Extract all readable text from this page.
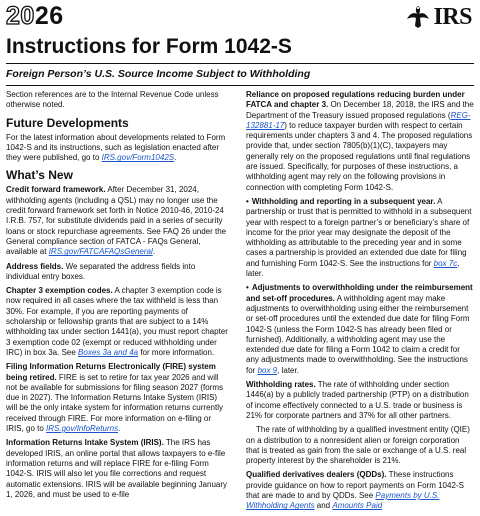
2026	IRS
Instructions for Form 1042-S
Foreign Person’s U.S. Source Income Subject to Withholding

Section references are to the Internal Revenue Code unless otherwise noted.

Future Developments

For the latest information about developments related to Form 1042-S and its instructions, such as legislation enacted after they were published, go to IRS.gov/Form1042S.

What’s New

Credit forward framework. After December 31, 2024, withholding agents (including a QSL) may no longer use the credit forward framework set forth in Notice 2010-46, 2010-24 I.R.B. 757, for substitute dividends paid in a series of security loans or stock repurchase agreements. See FAQ 26 under the General compliance section of FATCA - FAQs General, available at IRS.gov/FATCAFAQsGeneral.

Address fields. We separated the address fields into individual entry boxes.

Chapter 3 exemption codes. A chapter 3 exemption code is now required in all cases where the tax withheld is less than 30%. For example, if you are reporting payments of scholarship or fellowship grants that are subject to a 14% withholding tax under section 1441(a), you must report chapter 3 exemption code 02 (exempt or reduced withholding under IRC) in box 3a. See Boxes 3a and 4a for more information.

Filing Information Returns Electronically (FIRE) system being retired. FIRE is set to retire for tax year 2026 and will not be available for submissions for filing season 2027 (forms due in 2027). The Information Returns Intake System (IRIS) will be the only intake system for information returns currently received through FIRE. For more information on e-filing or IRIS, go to IRS.gov/InfoReturns.

Information Returns Intake System (IRIS). The IRS has developed IRIS, an online portal that allows taxpayers to e-file information returns and will replace FIRE for e-filing Form 1042-S. IRIS will also let you file corrections and request automatic extensions. IRIS will be available beginning January 1, 2026, and must be used to e-file

Reliance on proposed regulations reducing burden under FATCA and chapter 3. On December 18, 2018, the IRS and the Department of the Treasury issued proposed regulations (REG-132881-17) to reduce taxpayer burden with respect to certain requirements under chapters 3 and 4. The proposed regulations provide that, under section 7805(b)(1)(C), taxpayers may generally rely on the proposed regulations until final regulations are issued. Specifically, for purposes of these instructions, a withholding agent may rely on the following provisions in connection with completing Form 1042-S.

• Withholding and reporting in a subsequent year. A partnership or trust that is permitted to withhold in a subsequent year with respect to a foreign partner’s or beneficiary’s share of income for the prior year may designate the deposit of the withholding as attributable to the preceding year and in some cases a partnership is provided an extended due date for filing and furnishing Form 1042-S. See the instructions for box 7c, later.

• Adjustments to overwithholding under the reimbursement and set-off procedures. A withholding agent may make adjustments to overwithholding using either the reimbursement or set-off procedures until the extended due date for filing Form 1042-S (unless the Form 1042-S has already been filed or furnished). Additionally, a withholding agent may use the extended due date for filing a Form 1042 to claim a credit for any adjustments made to overwithholding. See the instructions for box 9, later.

Withholding rates. The rate of withholding under section 1446(a) by a publicly traded partnership (PTP) on a distribution of income effectively connected to a U.S. trade or business is 21% for corporate partners and 37% for all other partners.

The rate of withholding by a qualified investment entity (QIE) on a distribution to a nonresident alien or foreign corporation that is treated as gain from the sale or exchange of a U.S. real property interest by the shareholder is 21%.

Qualified derivatives dealers (QDDs). These instructions provide guidance on how to report payments on Form 1042-S that are made to and by QDDs. See Payments by U.S. Withholding Agents and Amounts Paid
